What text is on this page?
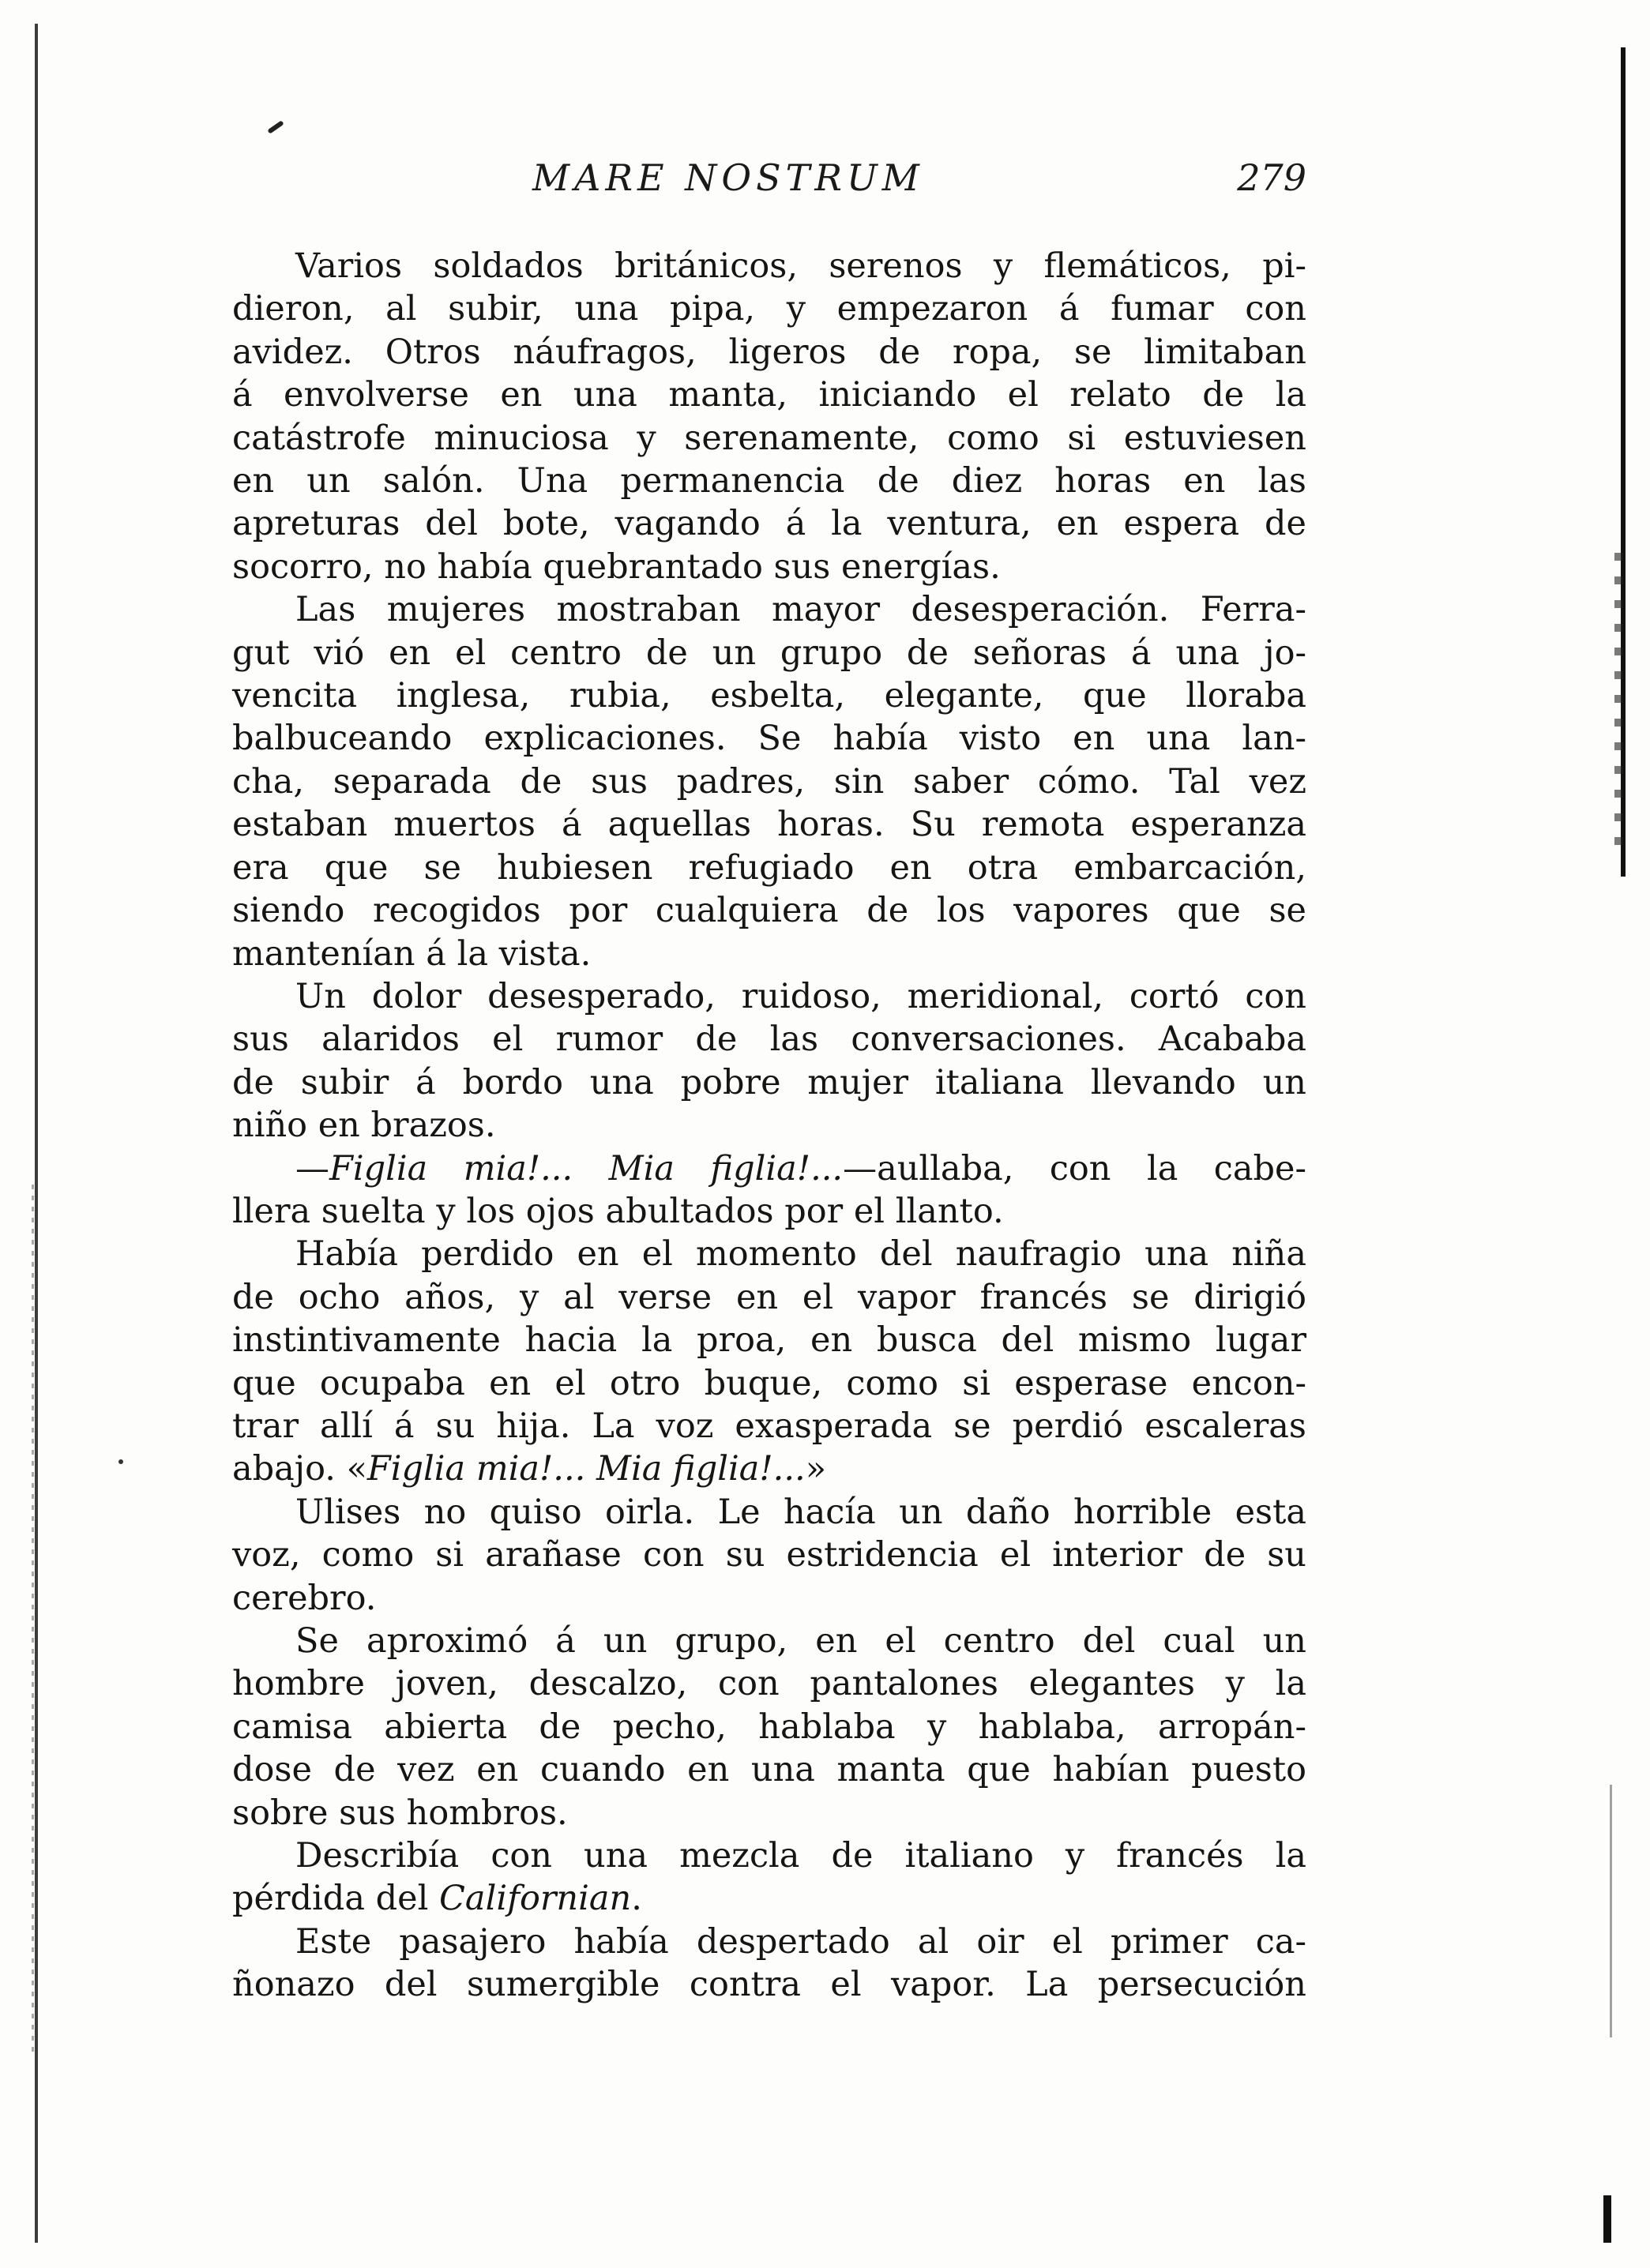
MARE NOSTRUM	279
Varios soldados británicos, serenos y flemáticos, pi-
dieron, al subir, una pipa, y empezaron á fumar con
avidez. Otros náufragos, ligeros de ropa, se limitaban
á envolverse en una manta, iniciando el relato de la
catástrofe minuciosa y serenamente, como si estuviesen
en un salón. Una permanencia de diez horas en las
apreturas del bote, vagando á la ventura, en espera de
socorro, no había quebrantado sus energías.
Las mujeres mostraban mayor desesperación. Ferra-
gut vió en el centro de un grupo de señoras á una jo-
vencita inglesa, rubia, esbelta, elegante, que lloraba
balbuceando explicaciones. Se había visto en una lan-
cha, separada de sus padres, sin saber cómo. Tal vez
estaban muertos á aquellas horas. Su remota esperanza
era que se hubiesen refugiado en otra embarcación,
siendo recogidos por cualquiera de los vapores que se
mantenían á la vista.
Un dolor desesperado, ruidoso, meridional, cortó con
sus alaridos el rumor de las conversaciones. Acababa
de subir á bordo una pobre mujer italiana llevando un
niño en brazos.
—Figlia mia!... Mia figlia!...—aullaba, con la cabe-
llera suelta y los ojos abultados por el llanto.
Había perdido en el momento del naufragio una niña
de ocho años, y al verse en el vapor francés se dirigió
instintivamente hacia la proa, en busca del mismo lugar
que ocupaba en el otro buque, como si esperase encon-
trar allí á su hija. La voz exasperada se perdió escaleras
abajo. «Figlia mia!... Mia figlia!...»
Ulises no quiso oirla. Le hacía un daño horrible esta
voz, como si arañase con su estridencia el interior de su
cerebro.
Se aproximó á un grupo, en el centro del cual un
hombre joven, descalzo, con pantalones elegantes y la
camisa abierta de pecho, hablaba y hablaba, arropán-
dose de vez en cuando en una manta que habían puesto
sobre sus hombros.
Describía con una mezcla de italiano y francés la
pérdida del Californian.
Este pasajero había despertado al oir el primer ca-
ñonazo del sumergible contra el vapor. La persecución
